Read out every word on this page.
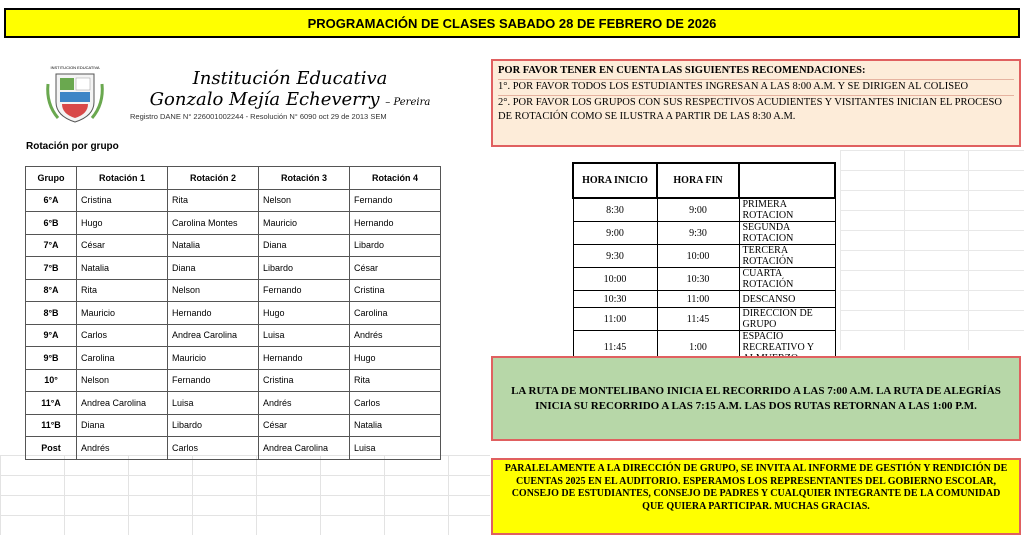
PROGRAMACIÓN DE CLASES SABADO 28 DE FEBRERO DE 2026
INSTITUCION EDUCATIVA
Institución Educativa
Gonzalo Mejía Echeverry – Pereira
Registro DANE N° 226001002244 - Resolución N° 6090 oct 29 de 2013 SEM
Rotación por grupo
Grupo	Rotación 1	Rotación 2	Rotación 3	Rotación 4
6°A	Cristina	Rita	Nelson	Fernando
6°B	Hugo	Carolina Montes	Mauricio	Hernando
7°A	César	Natalia	Diana	Libardo
7°B	Natalia	Diana	Libardo	César
8°A	Rita	Nelson	Fernando	Cristina
8°B	Mauricio	Hernando	Hugo	Carolina
9°A	Carlos	Andrea Carolina	Luisa	Andrés
9°B	Carolina	Mauricio	Hernando	Hugo
10°	Nelson	Fernando	Cristina	Rita
11°A	Andrea Carolina	Luisa	Andrés	Carlos
11°B	Diana	Libardo	César	Natalia
Post	Andrés	Carlos	Andrea Carolina	Luisa
POR FAVOR TENER EN CUENTA LAS SIGUIENTES RECOMENDACIONES:
1°. POR FAVOR TODOS LOS ESTUDIANTES INGRESAN A LAS 8:00 A.M. Y SE DIRIGEN AL COLISEO
2°. POR FAVOR LOS GRUPOS CON SUS RESPECTIVOS ACUDIENTES Y VISITANTES INICIAN EL PROCESO DE ROTACIÓN COMO SE ILUSTRA A PARTIR DE LAS 8:30 A.M.
HORA INICIO	HORA FIN	
8:30	9:00	PRIMERA ROTACION
9:00	9:30	SEGUNDA ROTACION
9:30	10:00	TERCERA ROTACIÓN
10:00	10:30	CUARTA ROTACIÓN
10:30	11:00	DESCANSO
11:00	11:45	DIRECCION DE GRUPO
11:45	1:00	ESPACIO RECREATIVO Y
LA RUTA DE MONTELIBANO INICIA EL RECORRIDO A LAS 7:00 A.M. LA RUTA DE ALEGRÍAS INICIA SU RECORRIDO A LAS 7:15 A.M. LAS DOS RUTAS RETORNAN A LAS 1:00 P.M.
PARALELAMENTE A LA DIRECCIÓN DE GRUPO, SE INVITA AL INFORME DE GESTIÓN Y RENDICIÓN DE CUENTAS 2025 EN EL AUDITORIO. ESPERAMOS LOS REPRESENTANTES DEL GOBIERNO ESCOLAR, CONSEJO DE ESTUDIANTES, CONSEJO DE PADRES Y CUALQUIER INTEGRANTE DE LA COMUNIDAD QUE QUIERA PARTICIPAR. MUCHAS GRACIAS.
